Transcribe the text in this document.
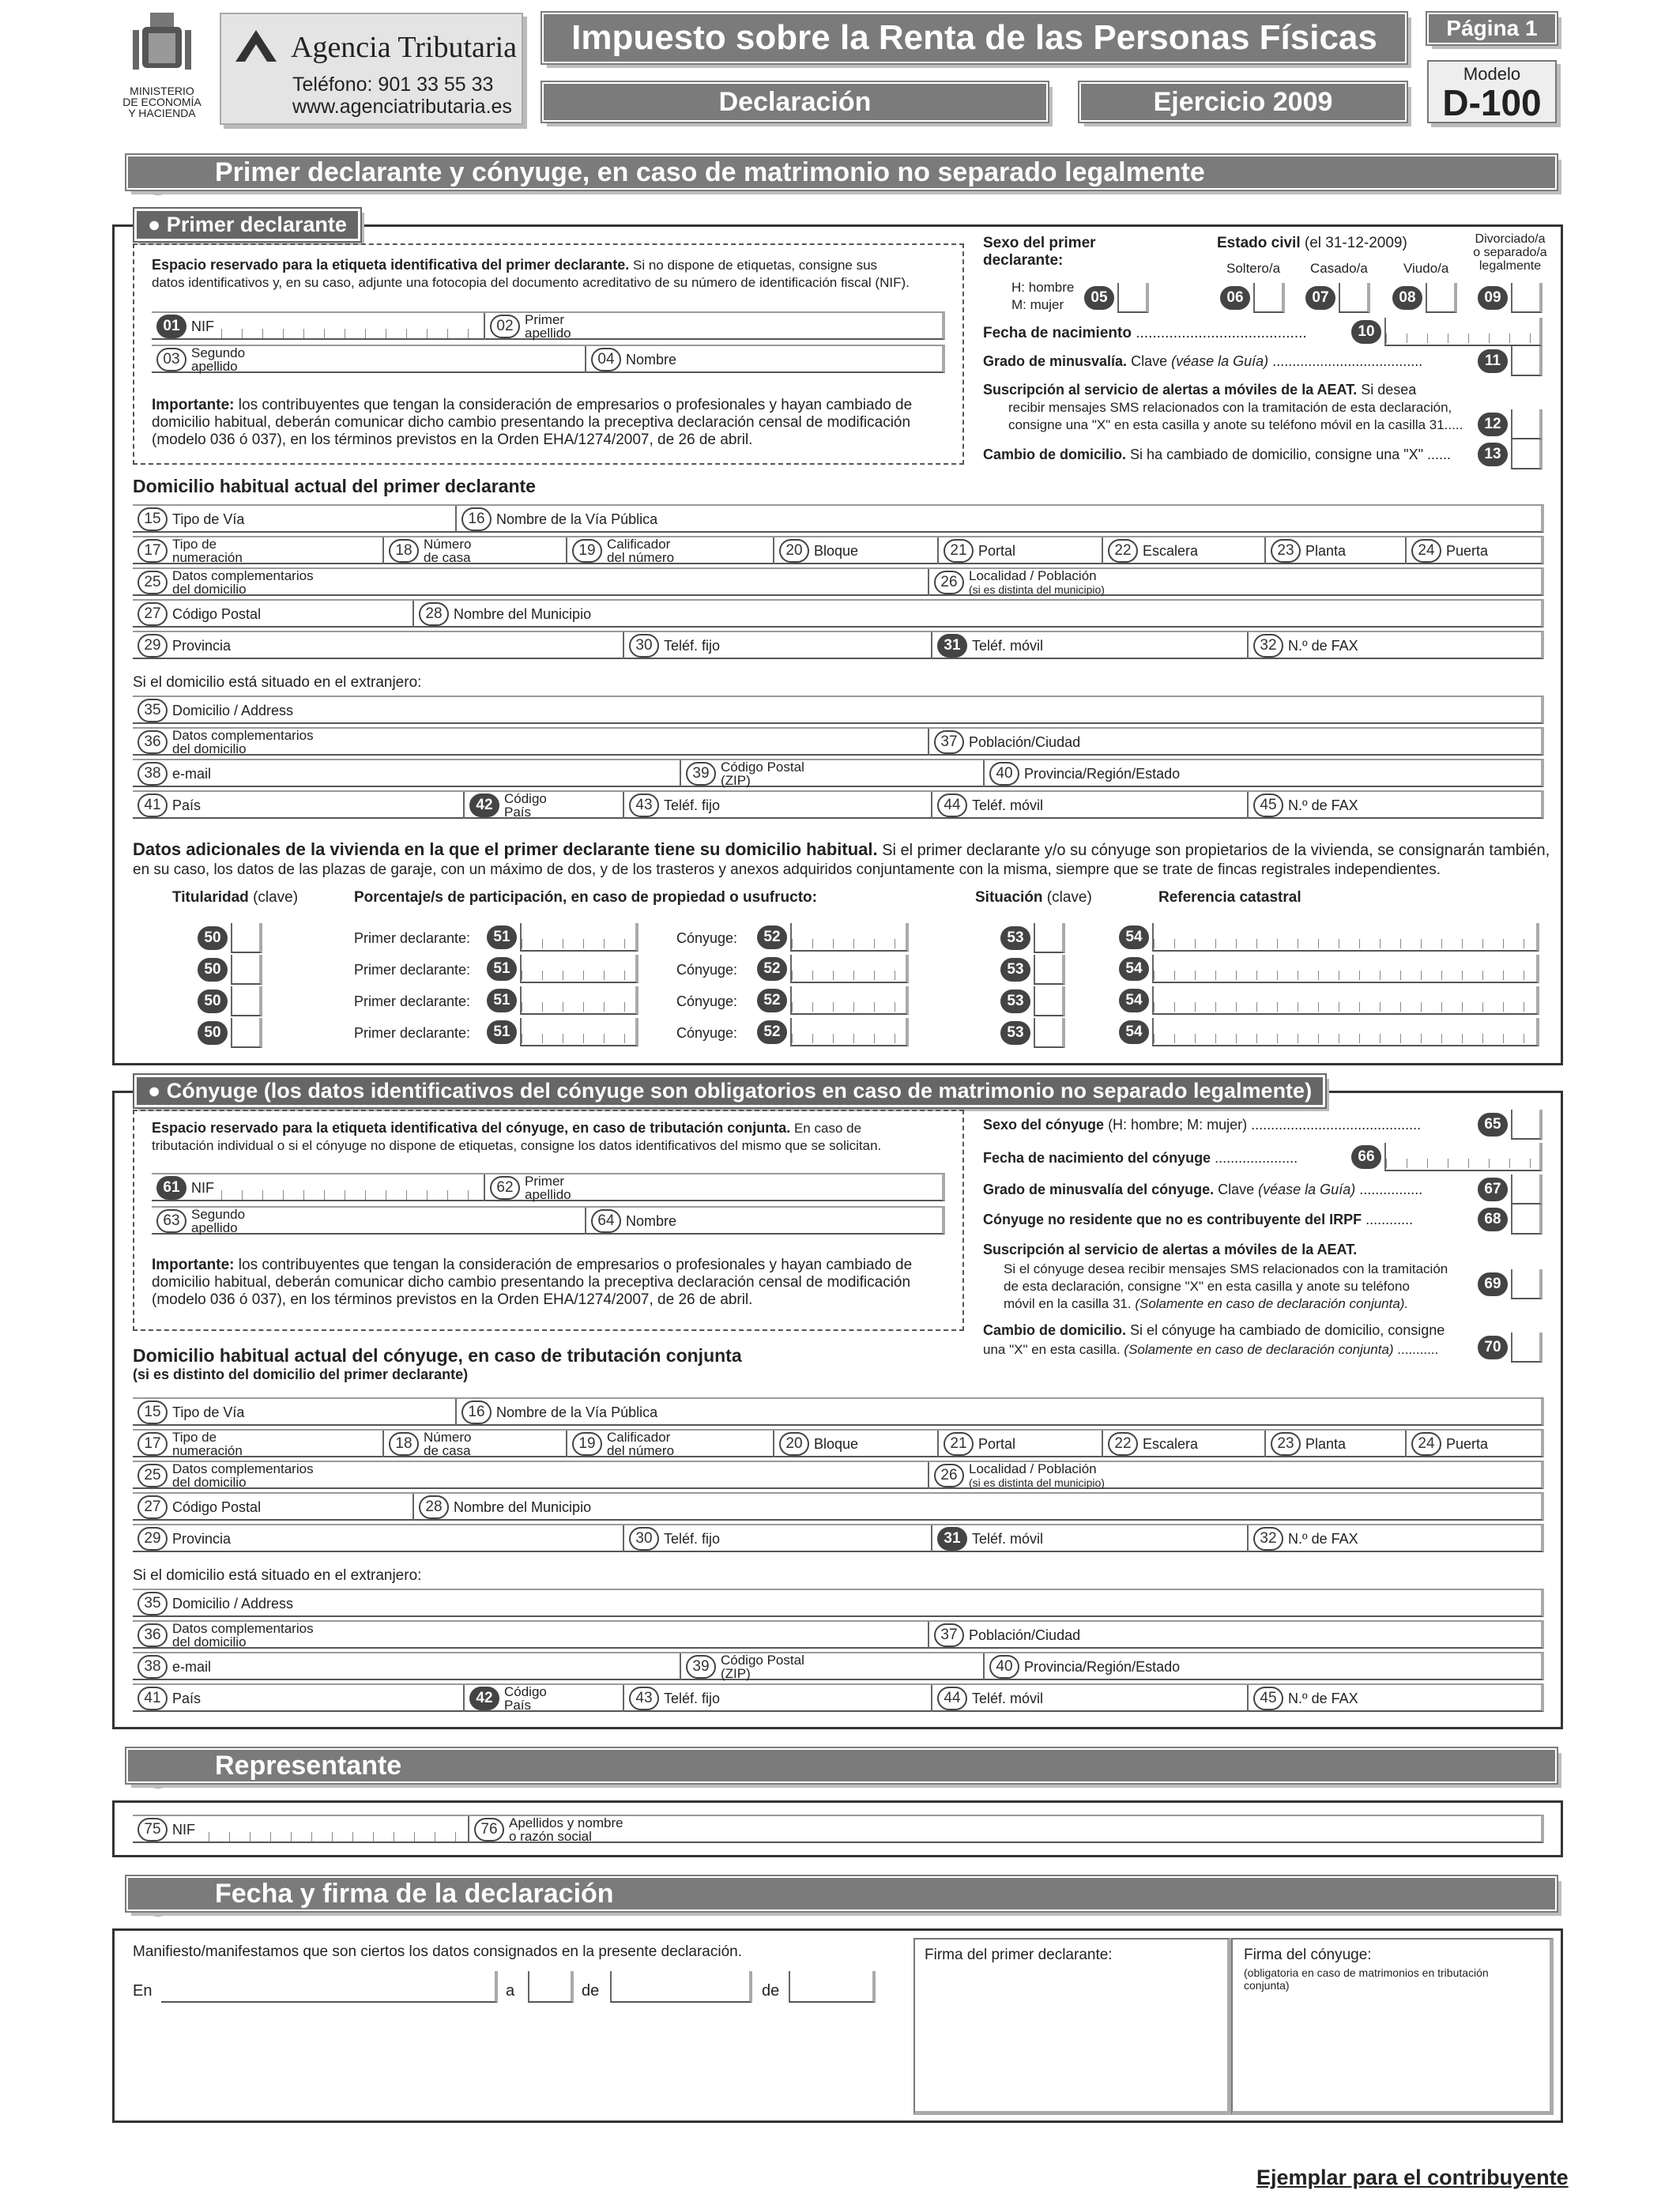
MINISTERIO
DE ECONOMÍA
Y HACIENDA
Agencia Tributaria
Teléfono: 901 33 55 33
www.agenciatributaria.es
Impuesto sobre la Renta de las Personas Físicas
Declaración	Ejercicio 2009
Página 1
Modelo
D-100
Primer declarante y cónyuge, en caso de matrimonio no separado legalmente
● Primer declarante
Espacio reservado para la etiqueta identificativa del primer declarante. Si no dispone de etiquetas, consigne sus
datos identificativos y, en su caso, adjunte una fotocopia del documento acreditativo de su número de identificación fiscal (NIF).
01 NIF	02 Primer
apellido
03 Segundo
apellido	04 Nombre
Importante: los contribuyentes que tengan la consideración de empresarios o profesionales y hayan cambiado de
domicilio habitual, deberán comunicar dicho cambio presentando la preceptiva declaración censal de modificación
(modelo 036 ó 037), en los términos previstos en la Orden EHA/1274/2007, de 26 de abril.
Sexo del primer
declarante:
H: hombre
M: mujer	05
Estado civil (el 31-12-2009)
Soltero/a Casado/a	Viudo/a
Divorciado/a
o separado/a
legalmente
06	07	08	09
Fecha de nacimiento .........................................	10
Grado de minusvalía. Clave (véase la Guía) ......................................	11
Suscripción al servicio de alertas a móviles de la AEAT. Si desea
recibir mensajes SMS relacionados con la tramitación de esta declaración,
consigne una "X" en esta casilla y anote su teléfono móvil en la casilla 31.....	12
Cambio de domicilio. Si ha cambiado de domicilio, consigne una "X" ......	13
Domicilio habitual actual del primer declarante
15 Tipo de Vía	16 Nombre de la Vía Pública
17 Tipo de
numeración	18 Número
de casa	19 Calificador
del número	20 Bloque	21 Portal	22 Escalera	23 Planta	24 Puerta
25 Datos complementarios
del domicilio	26 Localidad / Población
(si es distinta del municipio)
27 Código Postal	28 Nombre del Municipio
29 Provincia	30 Teléf. fijo	31 Teléf. móvil	32 N.º de FAX
Si el domicilio está situado en el extranjero:
35 Domicilio / Address
36 Datos complementarios
del domicilio	37 Población/Ciudad
38 e-mail	39 Código Postal
(ZIP)	40 Provincia/Región/Estado
41 País	42 Código
País	43 Teléf. fijo	44 Teléf. móvil	45 N.º de FAX
Datos adicionales de la vivienda en la que el primer declarante tiene su domicilio habitual. Si el primer declarante y/o su cónyuge son propietarios de la vivienda, se consignarán también,
en su caso, los datos de las plazas de garaje, con un máximo de dos, y de los trasteros y anexos adquiridos conjuntamente con la misma, siempre que se trate de fincas registrales independientes.
Titularidad (clave)	Porcentaje/s de participación, en caso de propiedad o usufructo:	Situación (clave)	Referencia catastral
50	Primer declarante:	51	Cónyuge:	52	53	54
50	Primer declarante:	51	Cónyuge:	52	53	54
50	Primer declarante:	51	Cónyuge:	52	53	54
50	Primer declarante:	51	Cónyuge:	52	53	54
● Cónyuge (los datos identificativos del cónyuge son obligatorios en caso de matrimonio no separado legalmente)
Espacio reservado para la etiqueta identificativa del cónyuge, en caso de tributación conjunta. En caso de
tributación individual o si el cónyuge no dispone de etiquetas, consigne los datos identificativos del mismo que se solicitan.
61 NIF	62 Primer
apellido
63 Segundo
apellido	64 Nombre
Importante: los contribuyentes que tengan la consideración de empresarios o profesionales y hayan cambiado de
domicilio habitual, deberán comunicar dicho cambio presentando la preceptiva declaración censal de modificación
(modelo 036 ó 037), en los términos previstos en la Orden EHA/1274/2007, de 26 de abril.
Sexo del cónyuge (H: hombre; M: mujer) ...........................................	65
Fecha de nacimiento del cónyuge .....................	66
Grado de minusvalía del cónyuge. Clave (véase la Guía) ................	67
Cónyuge no residente que no es contribuyente del IRPF ............	68
Suscripción al servicio de alertas a móviles de la AEAT.
Si el cónyuge desea recibir mensajes SMS relacionados con la tramitación
de esta declaración, consigne "X" en esta casilla y anote su teléfono
móvil en la casilla 31. (Solamente en caso de declaración conjunta).
69
Cambio de domicilio. Si el cónyuge ha cambiado de domicilio, consigne
una "X" en esta casilla. (Solamente en caso de declaración conjunta) ...........	70
Domicilio habitual actual del cónyuge, en caso de tributación conjunta
(si es distinto del domicilio del primer declarante)
15 Tipo de Vía	16 Nombre de la Vía Pública
17 Tipo de
numeración	18 Número
de casa	19 Calificador
del número	20 Bloque	21 Portal	22 Escalera	23 Planta	24 Puerta
25 Datos complementarios
del domicilio	26 Localidad / Población
(si es distinta del municipio)
27 Código Postal	28 Nombre del Municipio
29 Provincia	30 Teléf. fijo	31 Teléf. móvil	32 N.º de FAX
Si el domicilio está situado en el extranjero:
35 Domicilio / Address
36 Datos complementarios
del domicilio	37 Población/Ciudad
38 e-mail	39 Código Postal
(ZIP)	40 Provincia/Región/Estado
41 País	42 Código
País	43 Teléf. fijo	44 Teléf. móvil	45 N.º de FAX
Representante
75 NIF	76 Apellidos y nombre
o razón social
Fecha y firma de la declaración
Manifiesto/manifestamos que son ciertos los datos consignados en la presente declaración.
En	a	de	de
Firma del primer declarante:	Firma del cónyuge:
(obligatoria en caso de matrimonios en tributación
conjunta)
Ejemplar para el contribuyente
